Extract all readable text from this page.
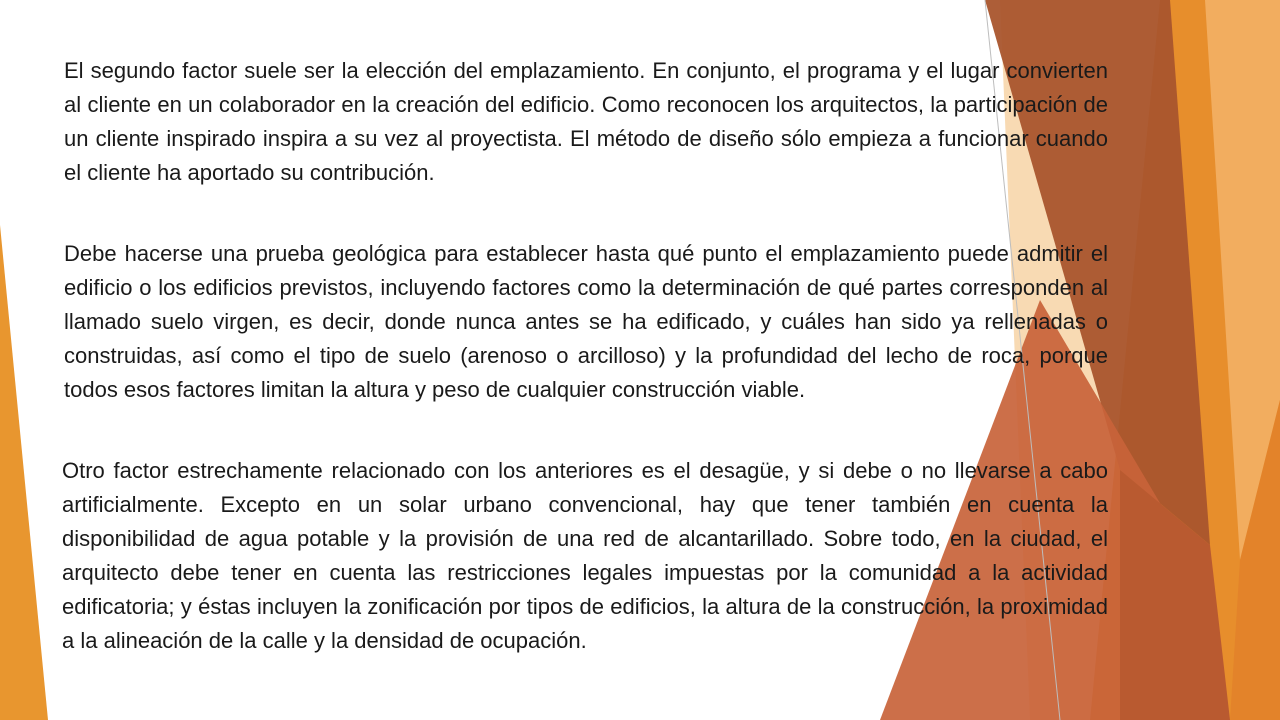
El segundo factor suele ser la elección del emplazamiento. En conjunto, el programa y el lugar convierten al cliente en un colaborador en la creación del edificio. Como reconocen los arquitectos, la participación de un cliente inspirado inspira a su vez al proyectista. El método de diseño sólo empieza a funcionar cuando el cliente ha aportado su contribución.

Debe hacerse una prueba geológica para establecer hasta qué punto el emplazamiento puede admitir el edificio o los edificios previstos, incluyendo factores como la determinación de qué partes corresponden al llamado suelo virgen, es decir, donde nunca antes se ha edificado, y cuáles han sido ya rellenadas o construidas, así como el tipo de suelo (arenoso o arcilloso) y la profundidad del lecho de roca, porque todos esos factores limitan la altura y peso de cualquier construcción viable.

Otro factor estrechamente relacionado con los anteriores es el desagüe, y si debe o no llevarse a cabo artificialmente. Excepto en un solar urbano convencional, hay que tener también en cuenta la disponibilidad de agua potable y la provisión de una red de alcantarillado. Sobre todo, en la ciudad, el arquitecto debe tener en cuenta las restricciones legales impuestas por la comunidad a la actividad edificatoria; y éstas incluyen la zonificación por tipos de edificios, la altura de la construcción, la proximidad a la alineación de la calle y la densidad de ocupación.
